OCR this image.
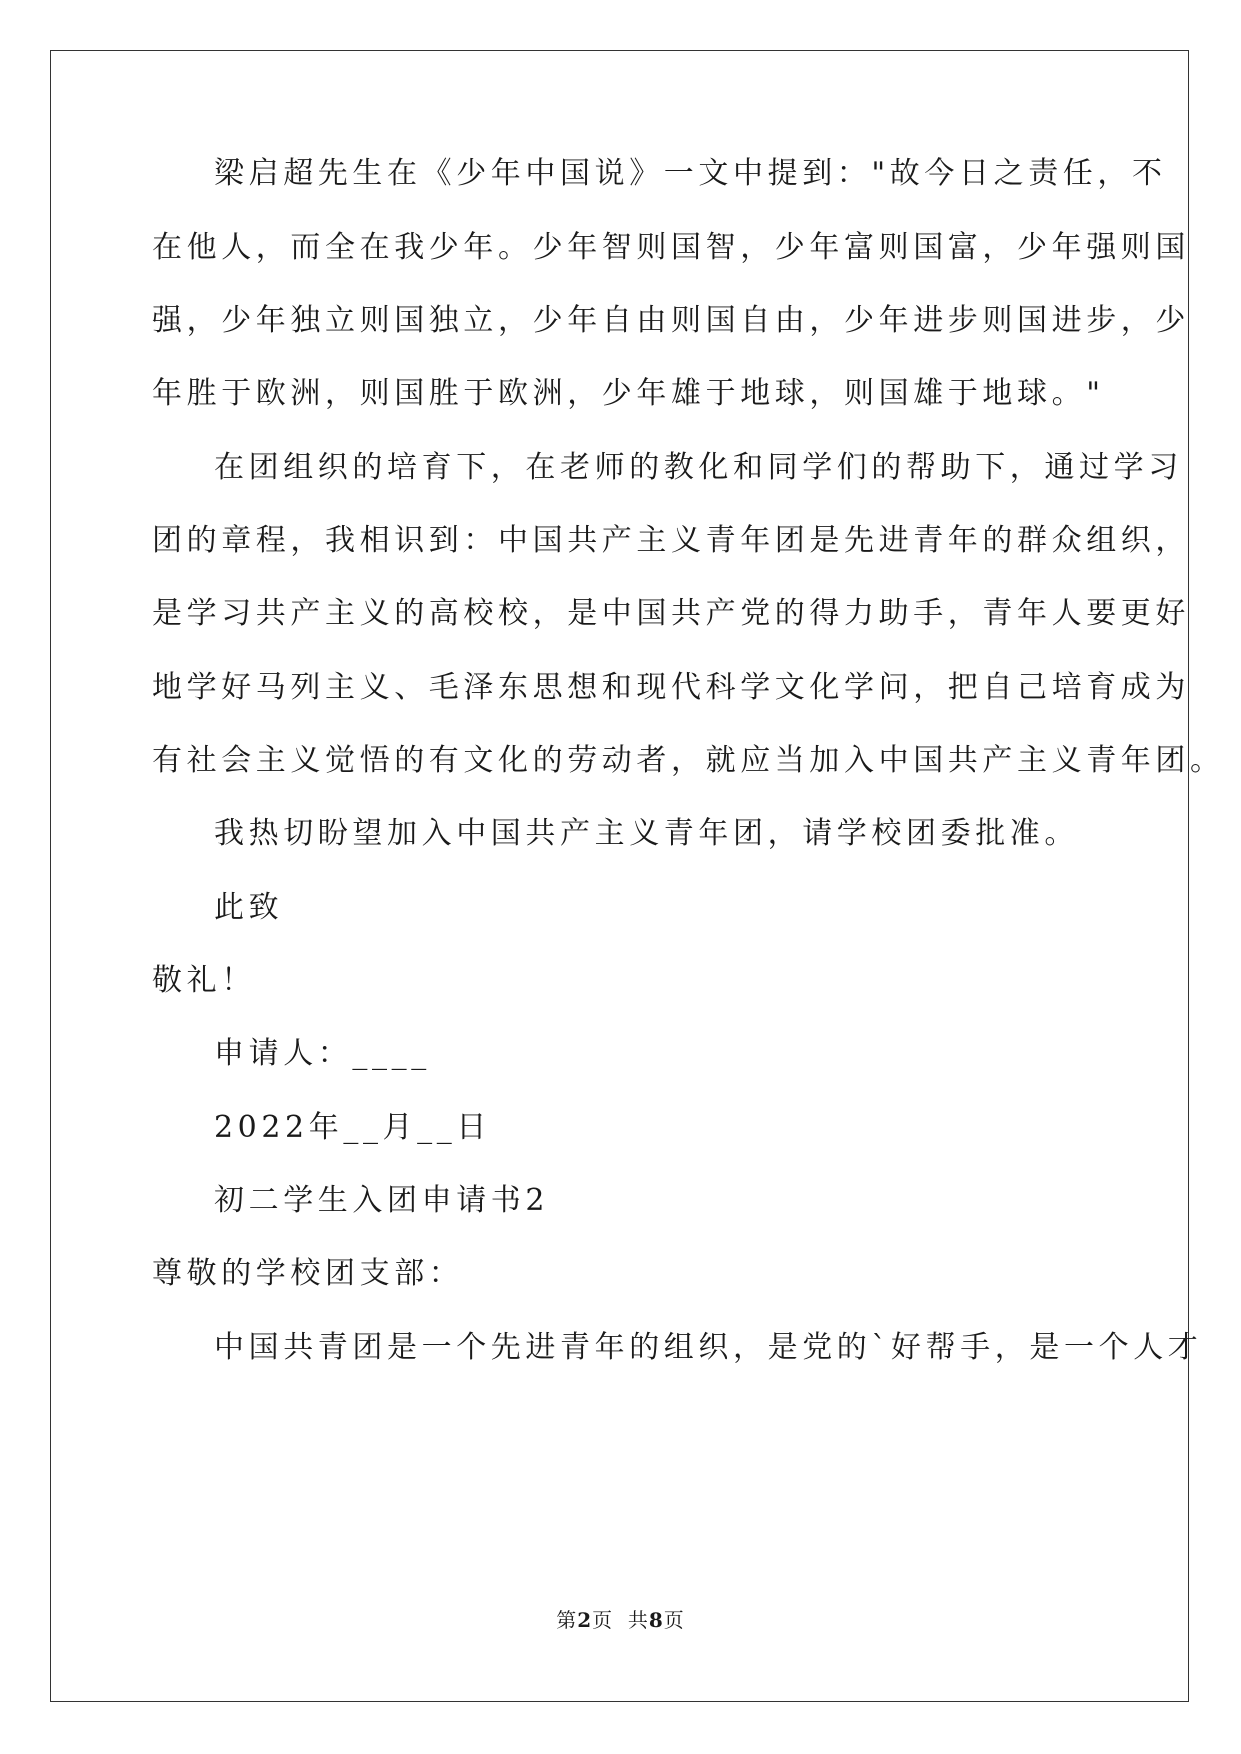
梁启超先生在《少年中国说》一文中提到："故今日之责任，不
在他人，而全在我少年。少年智则国智，少年富则国富，少年强则国
强，少年独立则国独立，少年自由则国自由，少年进步则国进步，少
年胜于欧洲，则国胜于欧洲，少年雄于地球，则国雄于地球。"
在团组织的培育下，在老师的教化和同学们的帮助下，通过学习
团的章程，我相识到：中国共产主义青年团是先进青年的群众组织，
是学习共产主义的高校校，是中国共产党的得力助手，青年人要更好
地学好马列主义、毛泽东思想和现代科学文化学问，把自己培育成为
有社会主义觉悟的有文化的劳动者，就应当加入中国共产主义青年团。
我热切盼望加入中国共产主义青年团，请学校团委批准。
此致
敬礼！
申请人：____
2022年__月__日
初二学生入团申请书2
尊敬的学校团支部：
中国共青团是一个先进青年的组织，是党的`好帮手，是一个人才
第2页  共8页
